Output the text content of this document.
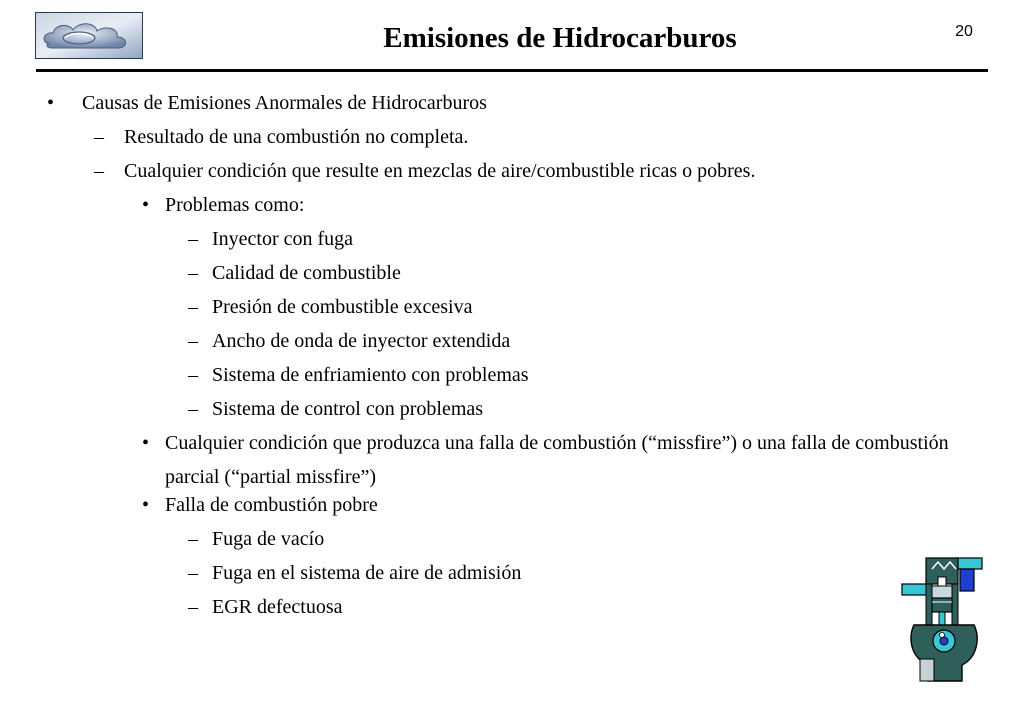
Emisiones de Hidrocarburos	20
• Causas de Emisiones Anormales de Hidrocarburos
– Resultado de una combustión no completa.
– Cualquier condición que resulte en mezclas de aire/combustible ricas o pobres.
• Problemas como:
– Inyector con fuga
– Calidad de combustible
– Presión de combustible excesiva
– Ancho de onda de inyector extendida
– Sistema de enfriamiento con problemas
– Sistema de control con problemas
• Cualquier condición que produzca una falla de combustión (“missfire”) o una falla de combustión parcial (“partial missfire”)
• Falla de combustión pobre
– Fuga de vacío
– Fuga en el sistema de aire de admisión
– EGR defectuosa
